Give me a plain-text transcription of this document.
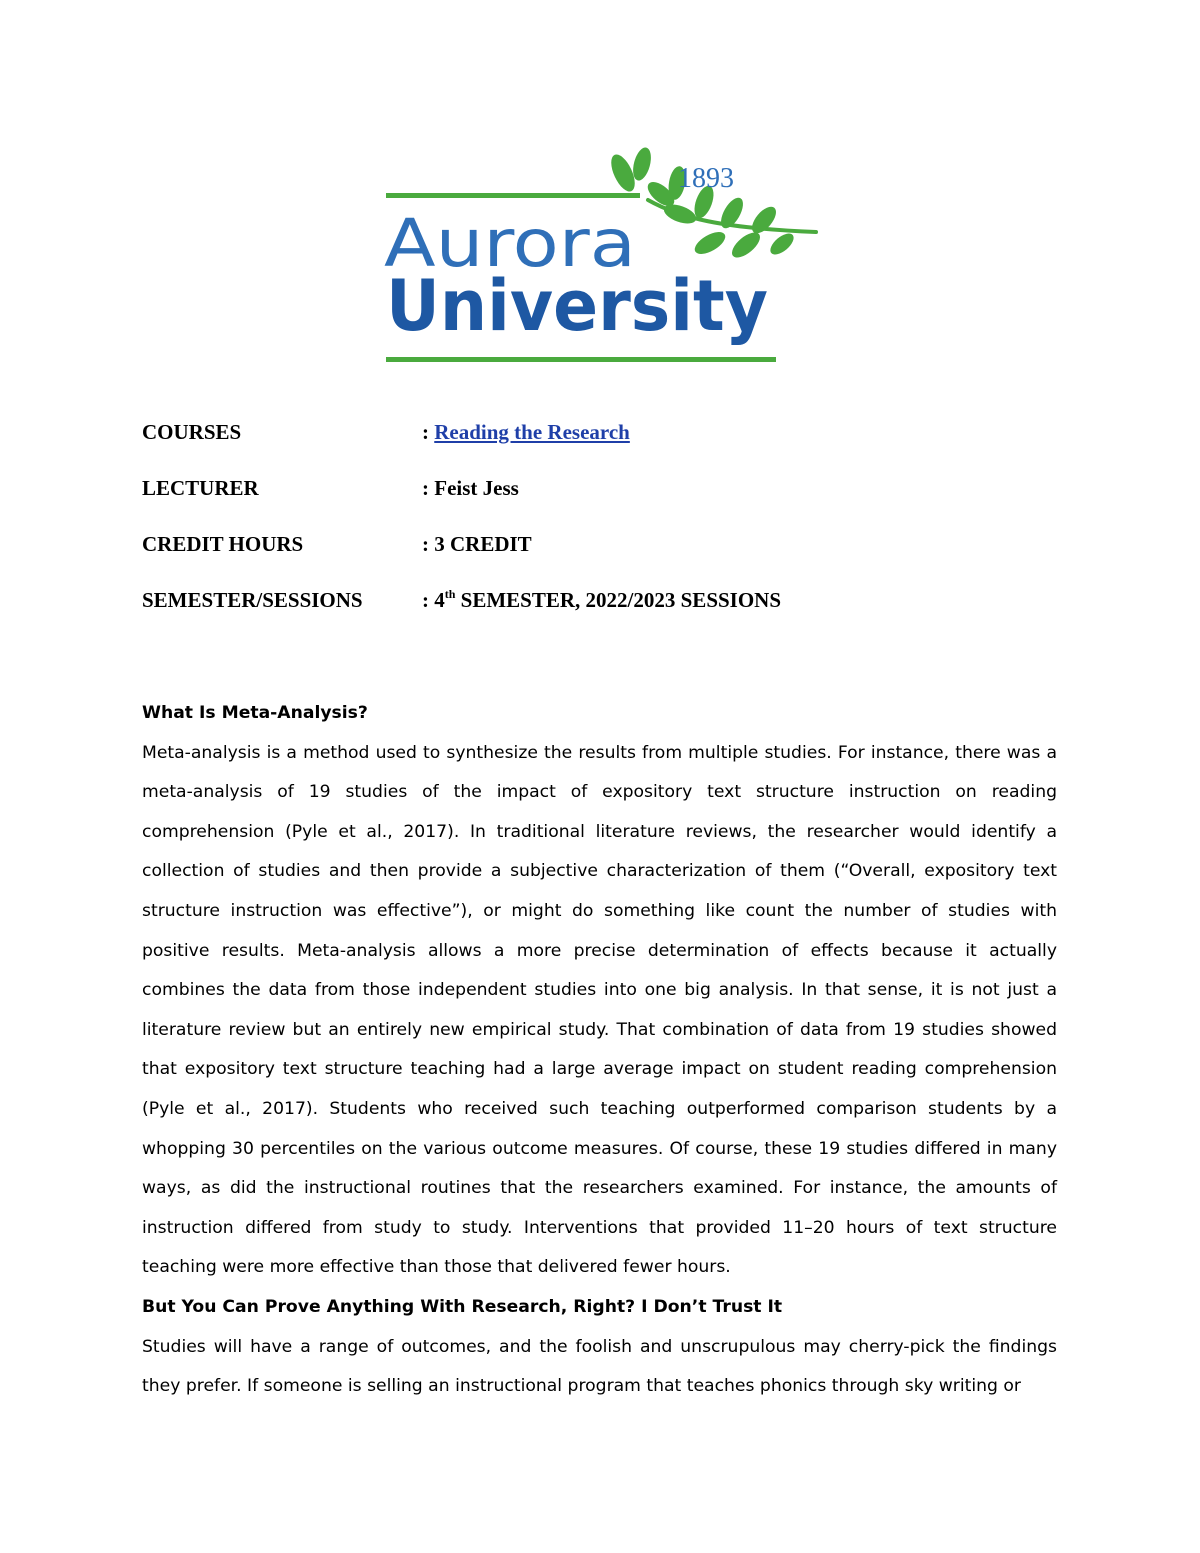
1893
Aurora
University
COURSES	: Reading the Research
LECTURER	: Feist Jess
CREDIT HOURS	: 3 CREDIT
SEMESTER/SESSIONS	: 4th SEMESTER, 2022/2023 SESSIONS
What Is Meta-Analysis?

Meta-analysis is a method used to synthesize the results from multiple studies. For instance, there was a meta-analysis of 19 studies of the impact of expository text structure instruction on reading comprehension (Pyle et al., 2017). In traditional literature reviews, the researcher would identify a collection of studies and then provide a subjective characterization of them (“Overall, expository text structure instruction was effective”), or might do something like count the number of studies with positive results. Meta-analysis allows a more precise determination of effects because it actually combines the data from those independent studies into one big analysis. In that sense, it is not just a literature review but an entirely new empirical study. That combination of data from 19 studies showed that expository text structure teaching had a large average impact on student reading comprehension (Pyle et al., 2017). Students who received such teaching outperformed comparison students by a whopping 30 percentiles on the various outcome measures. Of course, these 19 studies differed in many ways, as did the instructional routines that the researchers examined. For instance, the amounts of instruction differed from study to study. Interventions that provided 11–20 hours of text structure teaching were more effective than those that delivered fewer hours.

But You Can Prove Anything With Research, Right? I Don’t Trust It

Studies will have a range of outcomes, and the foolish and unscrupulous may cherry-pick the findings they prefer. If someone is selling an instructional program that teaches phonics through sky writing or
